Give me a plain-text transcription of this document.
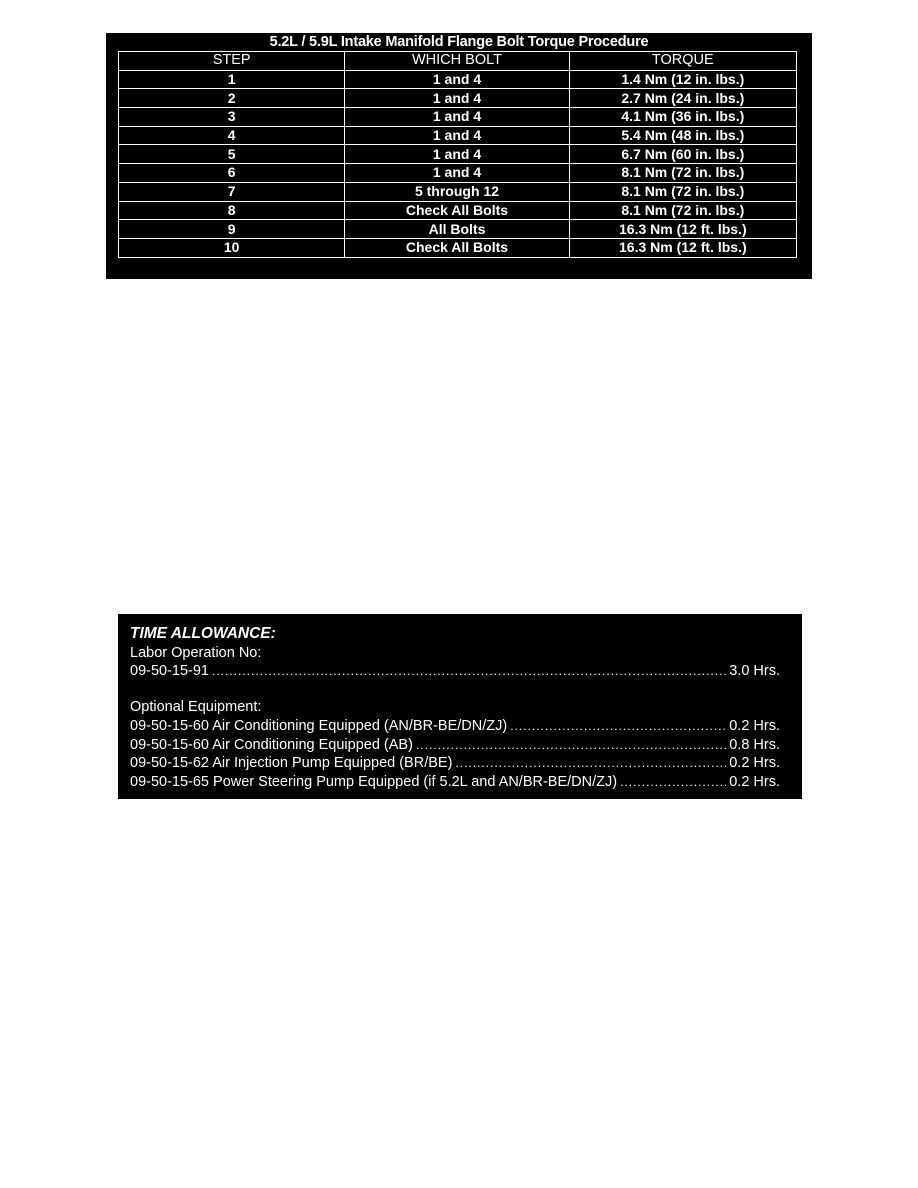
5.2L / 5.9L Intake Manifold Flange Bolt Torque Procedure
STEP	WHICH BOLT	TORQUE
1	1 and 4	1.4 Nm (12 in. lbs.)
2	1 and 4	2.7 Nm (24 in. lbs.)
3	1 and 4	4.1 Nm (36 in. lbs.)
4	1 and 4	5.4 Nm (48 in. lbs.)
5	1 and 4	6.7 Nm (60 in. lbs.)
6	1 and 4	8.1 Nm (72 in. lbs.)
7	5 through 12	8.1 Nm (72 in. lbs.)
8	Check All Bolts	8.1 Nm (72 in. lbs.)
9	All Bolts	16.3 Nm (12 ft. lbs.)
10	Check All Bolts	16.3 Nm (12 ft. lbs.)
TIME ALLOWANCE:
Labor Operation No:
09-50-15-91 .....	3.0 Hrs.
Optional Equipment:
09-50-15-60 Air Conditioning Equipped (AN/BR-BE/DN/ZJ) .....	0.2 Hrs.
09-50-15-60 Air Conditioning Equipped (AB) .....	0.8 Hrs.
09-50-15-62 Air Injection Pump Equipped (BR/BE) .....	0.2 Hrs.
09-50-15-65 Power Steering Pump Equipped (if 5.2L and AN/BR-BE/DN/ZJ) .....	0.2 Hrs.
